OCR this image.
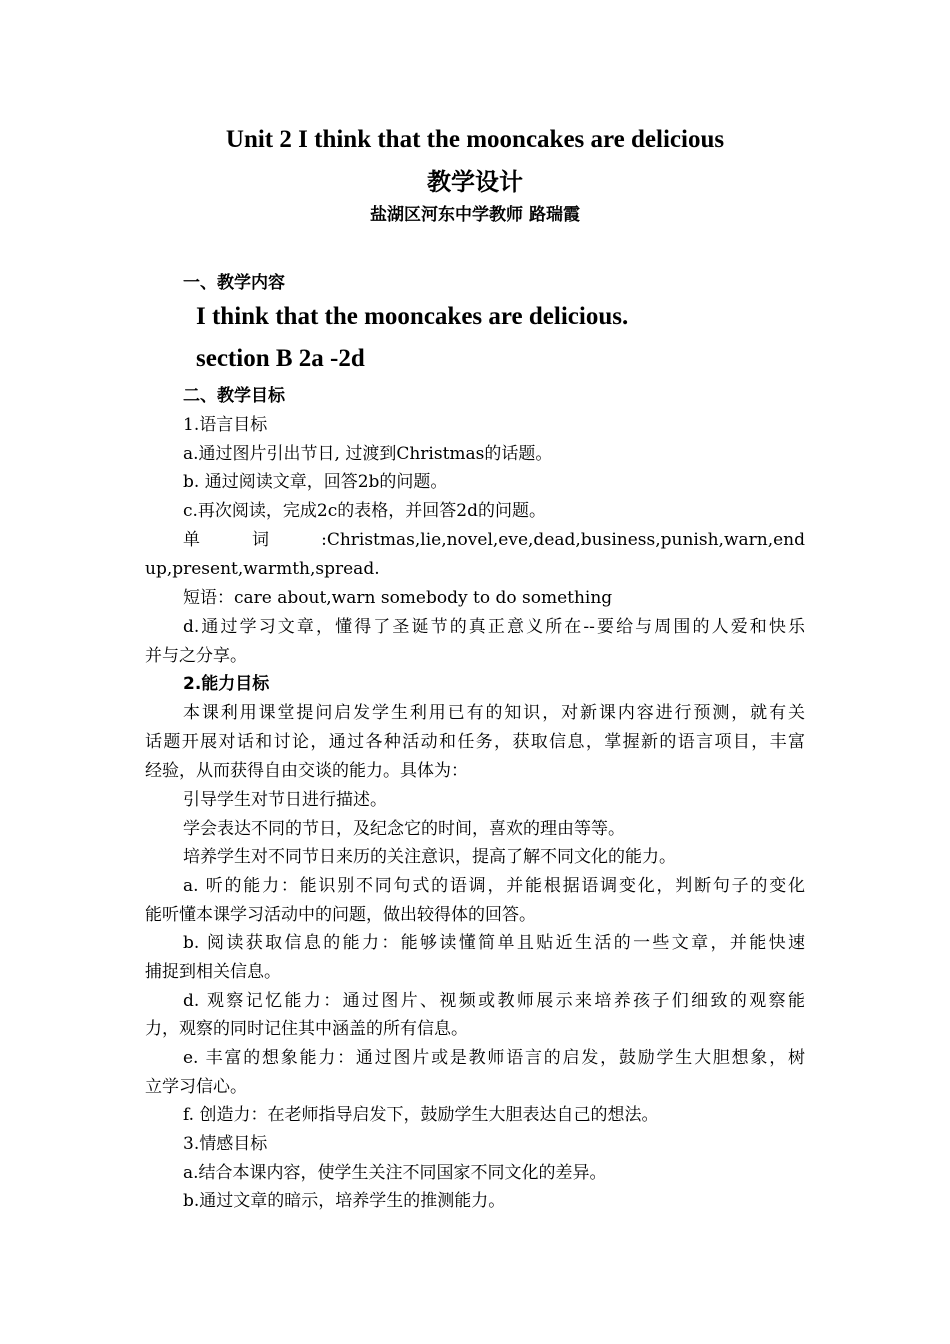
Unit 2 I think that the mooncakes are delicious
教学设计
盐湖区河东中学教师 路瑞霞
一、教学内容
I think that the mooncakes are delicious.
section B 2a -2d
二、教学目标
1.语言目标
a.通过图片引出节日, 过渡到Christmas的话题。
b. 通过阅读文章，回答2b的问题。
c.再次阅读，完成2c的表格，并回答2d的问题。
单 词 :Christmas,lie,novel,eve,dead,business,punish,warn,end
up,present,warmth,spread.
短语：care about,warn somebody to do something
d.通过学习文章，懂得了圣诞节的真正意义所在--要给与周围的人爱和快乐
并与之分享。
2.能力目标
本课利用课堂提问启发学生利用已有的知识，对新课内容进行预测，就有关
话题开展对话和讨论，通过各种活动和任务，获取信息，掌握新的语言项目，丰富
经验，从而获得自由交谈的能力。具体为：
引导学生对节日进行描述。
学会表达不同的节日，及纪念它的时间，喜欢的理由等等。
培养学生对不同节日来历的关注意识，提高了解不同文化的能力。
a. 听的能力：能识别不同句式的语调，并能根据语调变化，判断句子的变化
能听懂本课学习活动中的问题，做出较得体的回答。
b. 阅读获取信息的能力：能够读懂简单且贴近生活的一些文章，并能快速
捕捉到相关信息。
d. 观察记忆能力：通过图片、视频或教师展示来培养孩子们细致的观察能
力，观察的同时记住其中涵盖的所有信息。
e. 丰富的想象能力：通过图片或是教师语言的启发，鼓励学生大胆想象，树
立学习信心。
f. 创造力：在老师指导启发下，鼓励学生大胆表达自己的想法。
3.情感目标
a.结合本课内容，使学生关注不同国家不同文化的差异。
b.通过文章的暗示，培养学生的推测能力。
